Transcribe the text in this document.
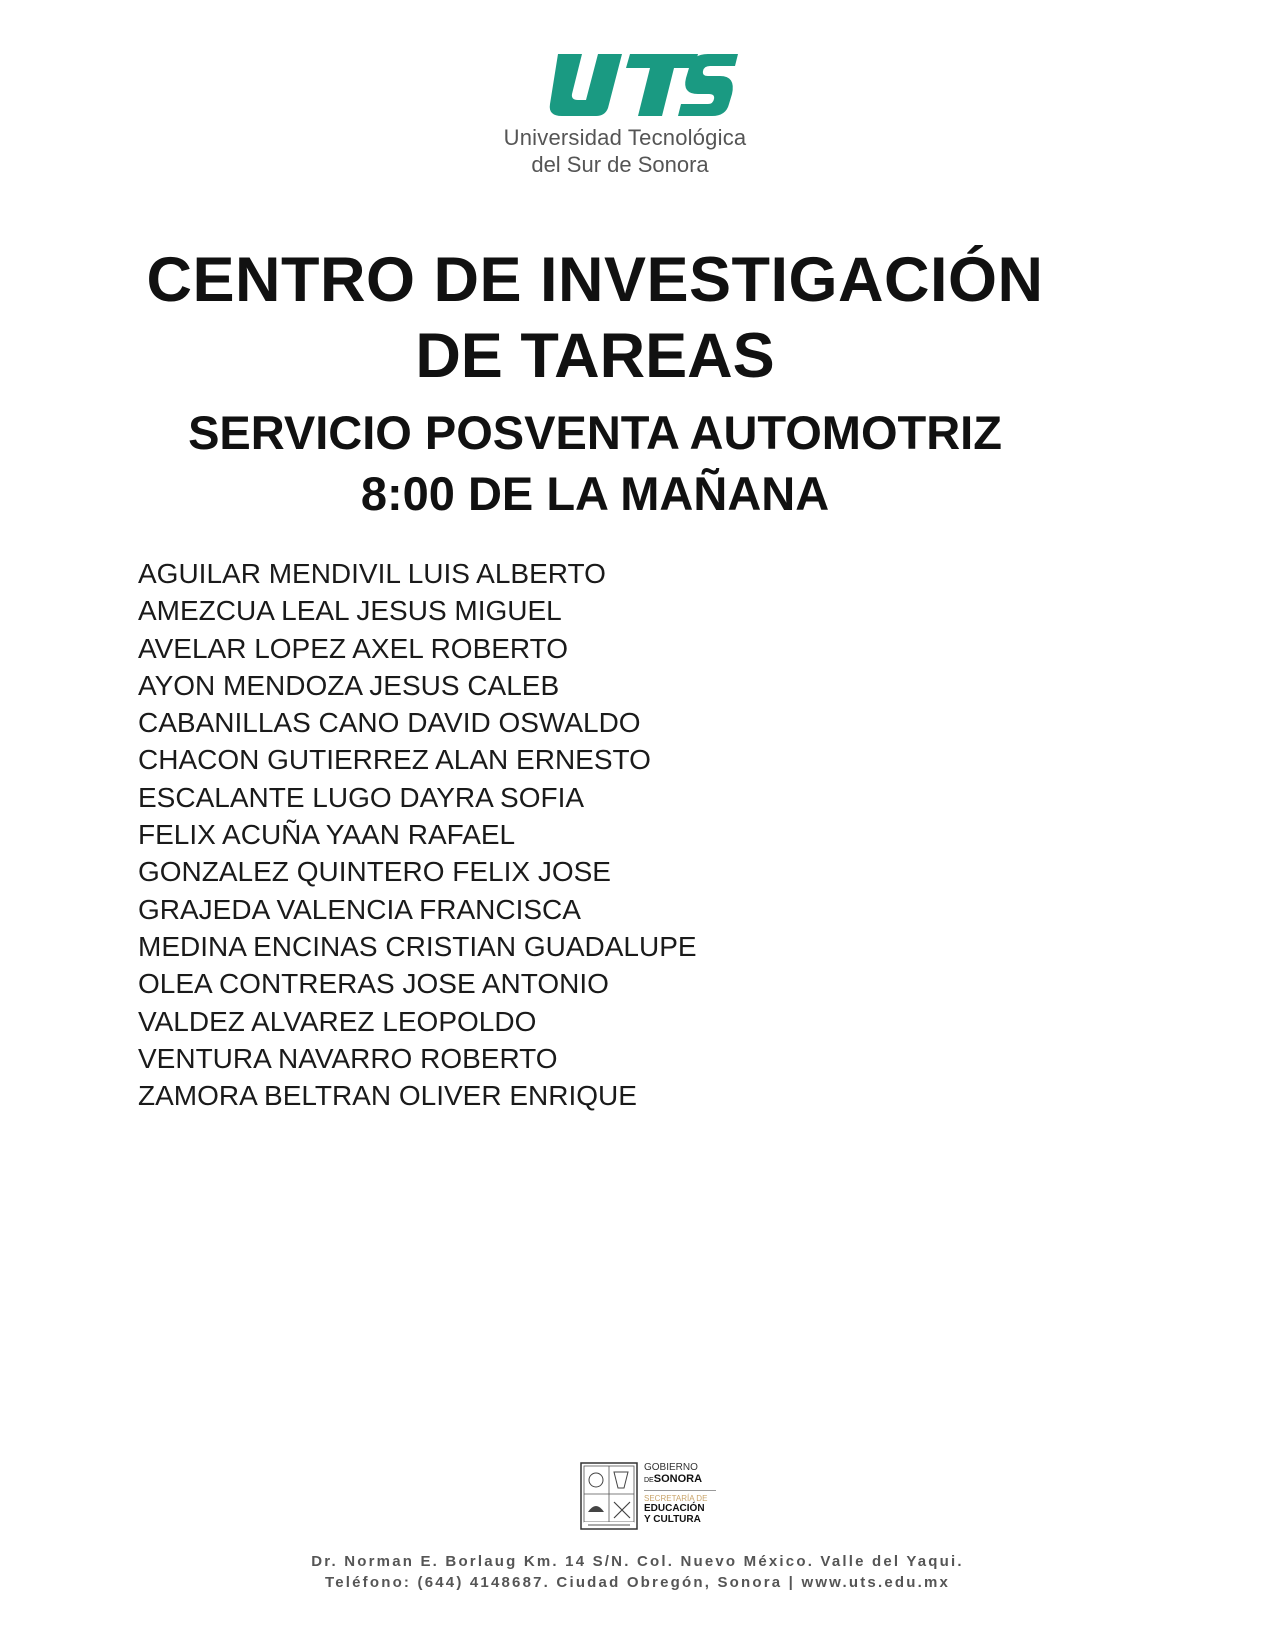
Universidad Tecnológica
del Sur de Sonora
CENTRO DE INVESTIGACIÓN
DE TAREAS
SERVICIO POSVENTA AUTOMOTRIZ
8:00 DE LA MAÑANA
AGUILAR MENDIVIL LUIS ALBERTO
AMEZCUA LEAL JESUS MIGUEL
AVELAR LOPEZ AXEL ROBERTO
AYON MENDOZA JESUS CALEB
CABANILLAS CANO DAVID OSWALDO
CHACON GUTIERREZ ALAN ERNESTO
ESCALANTE LUGO DAYRA SOFIA
FELIX ACUÑA YAAN RAFAEL
GONZALEZ QUINTERO FELIX JOSE
GRAJEDA VALENCIA FRANCISCA
MEDINA ENCINAS CRISTIAN GUADALUPE
OLEA CONTRERAS JOSE ANTONIO
VALDEZ ALVAREZ LEOPOLDO
VENTURA NAVARRO ROBERTO
ZAMORA BELTRAN OLIVER ENRIQUE
GOBIERNO
DESONORA
SECRETARÍA DE
EDUCACIÓN
Y CULTURA
Dr. Norman E. Borlaug Km. 14 S/N. Col. Nuevo México. Valle del Yaqui.
Teléfono: (644) 4148687. Ciudad Obregón, Sonora | www.uts.edu.mx
